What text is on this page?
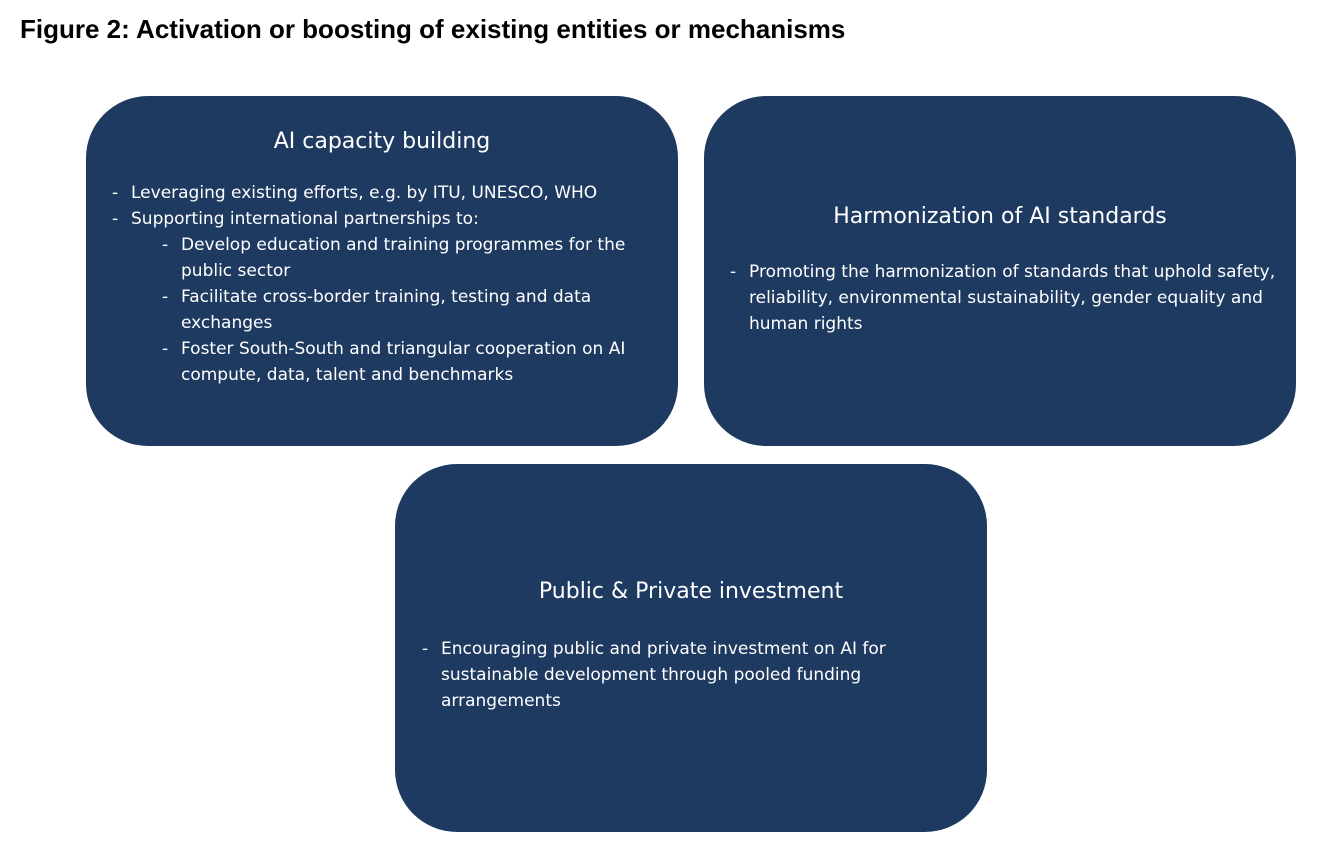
Figure 2: Activation or boosting of existing entities or mechanisms
AI capacity building
- Leveraging existing efforts, e.g. by ITU, UNESCO, WHO
- Supporting international partnerships to:
- Develop education and training programmes for the public sector
- Facilitate cross-border training, testing and data exchanges
- Foster South-South and triangular cooperation on AI compute, data, talent and benchmarks
Harmonization of AI standards
- Promoting the harmonization of standards that uphold safety, reliability, environmental sustainability, gender equality and human rights
Public & Private investment
- Encouraging public and private investment on AI for sustainable development through pooled funding arrangements
